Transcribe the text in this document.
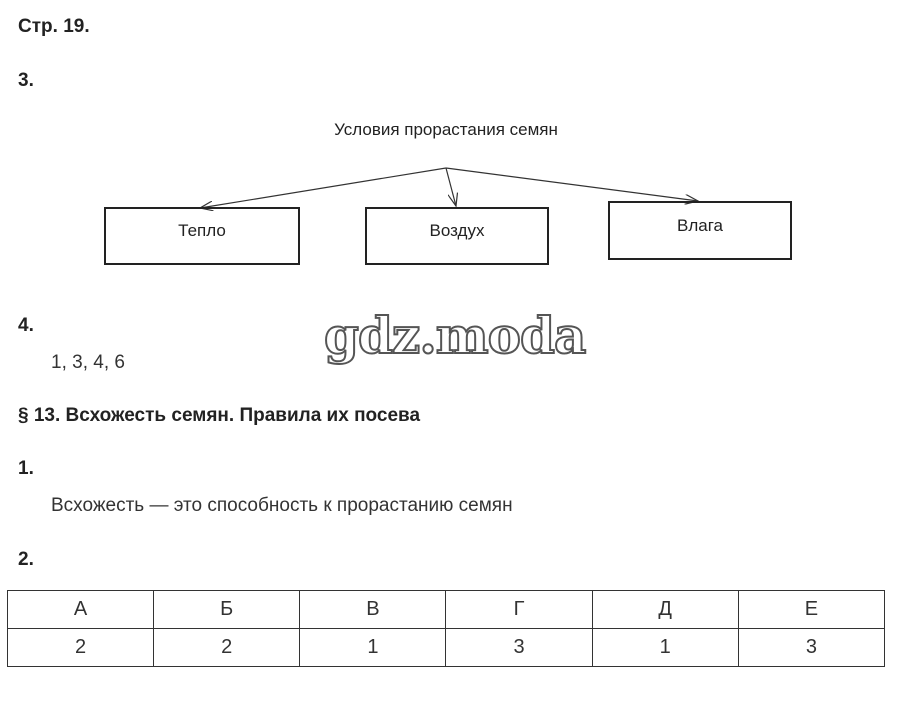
Стр. 19.
3.
Условия прорастания семян
Тепло	Воздух	Влага
4.
1, 3, 4, 6	gdz.moda
§ 13. Всхожесть семян. Правила их посева
1.
Всхожесть — это способность к прорастанию семян
2.
А	Б	В	Г	Д	Е
2	2	1	3	1	3
